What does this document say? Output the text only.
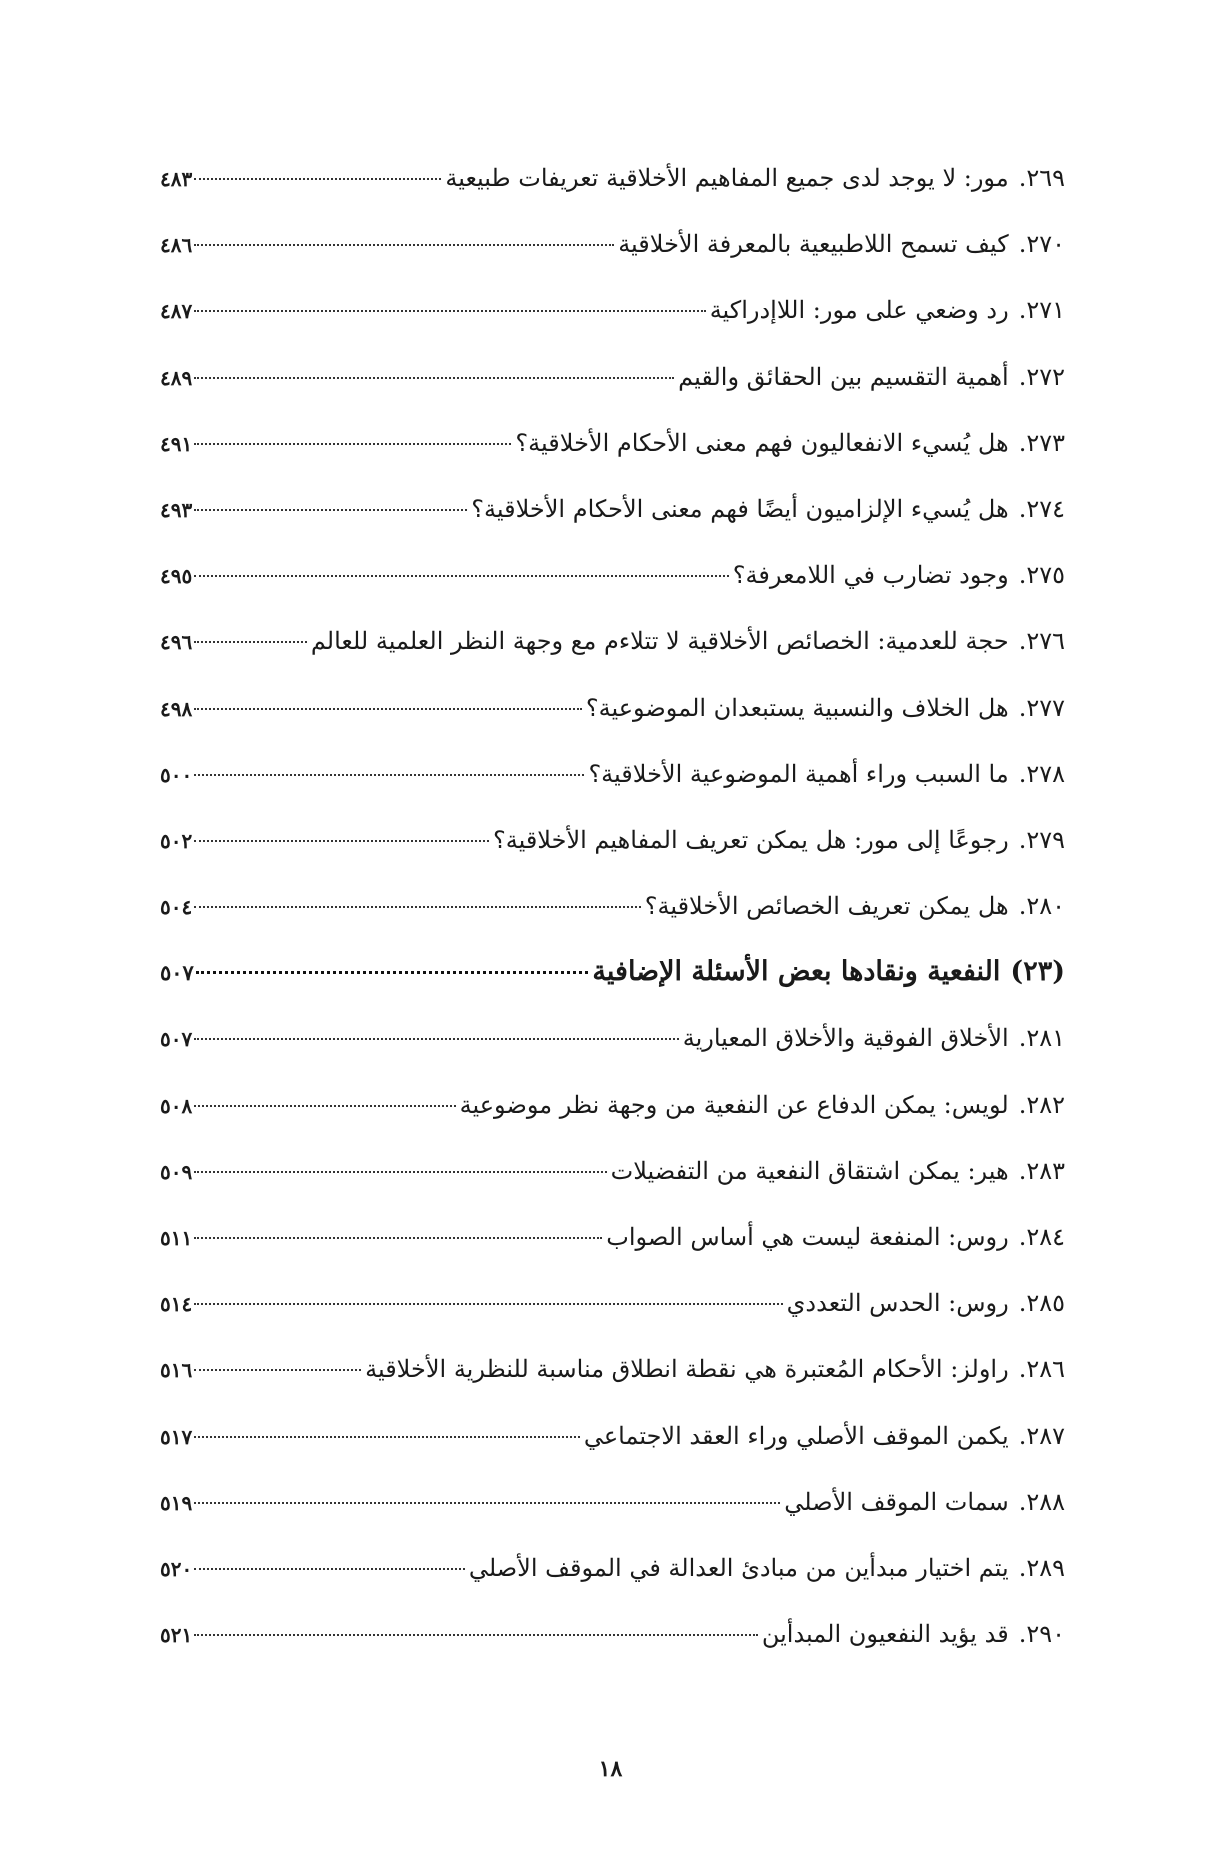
٢٦٩.
مور: لا يوجد لدى جميع المفاهيم الأخلاقية تعريفات طبيعية
٤٨٣
٢٧٠.
كيف تسمح اللاطبيعية بالمعرفة الأخلاقية
٤٨٦
٢٧١.
رد وضعي على مور: اللاإدراكية
٤٨٧
٢٧٢.
أهمية التقسيم بين الحقائق والقيم
٤٨٩
٢٧٣.
هل يُسيء الانفعاليون فهم معنى الأحكام الأخلاقية؟
٤٩١
٢٧٤.
هل يُسيء الإلزاميون أيضًا فهم معنى الأحكام الأخلاقية؟
٤٩٣
٢٧٥.
وجود تضارب في اللامعرفة؟
٤٩٥
٢٧٦.
حجة للعدمية: الخصائص الأخلاقية لا تتلاءم مع وجهة النظر العلمية للعالم
٤٩٦
٢٧٧.
هل الخلاف والنسبية يستبعدان الموضوعية؟
٤٩٨
٢٧٨.
ما السبب وراء أهمية الموضوعية الأخلاقية؟
٥٠٠
٢٧٩.
رجوعًا إلى مور: هل يمكن تعريف المفاهيم الأخلاقية؟
٥٠٢
٢٨٠.
هل يمكن تعريف الخصائص الأخلاقية؟
٥٠٤
(٢٣)
النفعية ونقادها بعض الأسئلة الإضافية
٥٠٧
٢٨١.
الأخلاق الفوقية والأخلاق المعيارية
٥٠٧
٢٨٢.
لويس: يمكن الدفاع عن النفعية من وجهة نظر موضوعية
٥٠٨
٢٨٣.
هير: يمكن اشتقاق النفعية من التفضيلات
٥٠٩
٢٨٤.
روس: المنفعة ليست هي أساس الصواب
٥١١
٢٨٥.
روس: الحدس التعددي
٥١٤
٢٨٦.
راولز: الأحكام المُعتبرة هي نقطة انطلاق مناسبة للنظرية الأخلاقية
٥١٦
٢٨٧.
يكمن الموقف الأصلي وراء العقد الاجتماعي
٥١٧
٢٨٨.
سمات الموقف الأصلي
٥١٩
٢٨٩.
يتم اختيار مبدأين من مبادئ العدالة في الموقف الأصلي
٥٢٠
٢٩٠.
قد يؤيد النفعيون المبدأين
٥٢١
١٨
